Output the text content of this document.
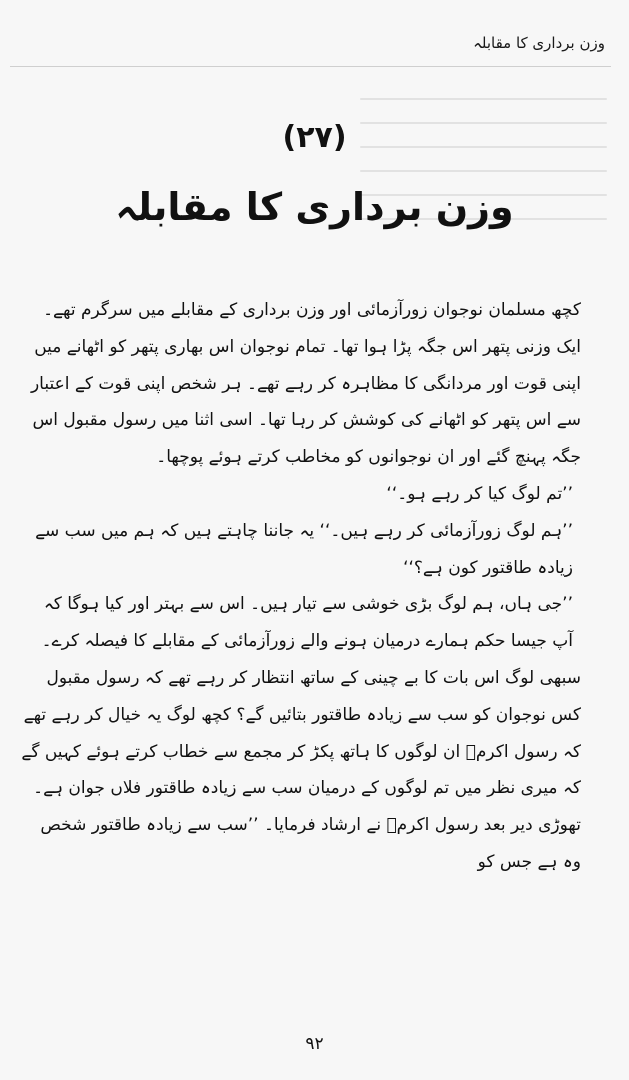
وزن برداری کا مقابلہ
(۲۷)
وزن برداری کا مقابلہ

کچھ مسلمان نوجوان زورآزمائی اور وزن برداری کے مقابلے میں سرگرم تھے۔ ایک وزنی پتھر اس جگہ پڑا ہوا تھا۔ تمام نوجوان اس بھاری پتھر کو اٹھانے میں اپنی قوت اور مردانگی کا مظاہرہ کر رہے تھے۔ ہر شخص اپنی قوت کے اعتبار سے اس پتھر کو اٹھانے کی کوشش کر رہا تھا۔ اسی اثنا میں رسول مقبول اس جگہ پہنچ گئے اور ان نوجوانوں کو مخاطب کرتے ہوئے پوچھا۔

’’تم لوگ کیا کر رہے ہو۔‘‘

’’ہم لوگ زورآزمائی کر رہے ہیں۔‘‘ یہ جاننا چاہتے ہیں کہ ہم میں سب سے زیادہ طاقتور کون ہے؟‘‘

’’جی ہاں، ہم لوگ بڑی خوشی سے تیار ہیں۔ اس سے بہتر اور کیا ہوگا کہ آپ جیسا حکم ہمارے درمیان ہونے والے زورآزمائی کے مقابلے کا فیصلہ کرے۔

سبھی لوگ اس بات کا بے چینی کے ساتھ انتظار کر رہے تھے کہ رسول مقبول کس نوجوان کو سب سے زیادہ طاقتور بتائیں گے؟ کچھ لوگ یہ خیال کر رہے تھے کہ رسول اکرمؐ ان لوگوں کا ہاتھ پکڑ کر مجمع سے خطاب کرتے ہوئے کہیں گے کہ میری نظر میں تم لوگوں کے درمیان سب سے زیادہ طاقتور فلاں جوان ہے۔

تھوڑی دیر بعد رسول اکرمؐ نے ارشاد فرمایا۔ ’’سب سے زیادہ طاقتور شخص وہ ہے جس کو

۹۲
